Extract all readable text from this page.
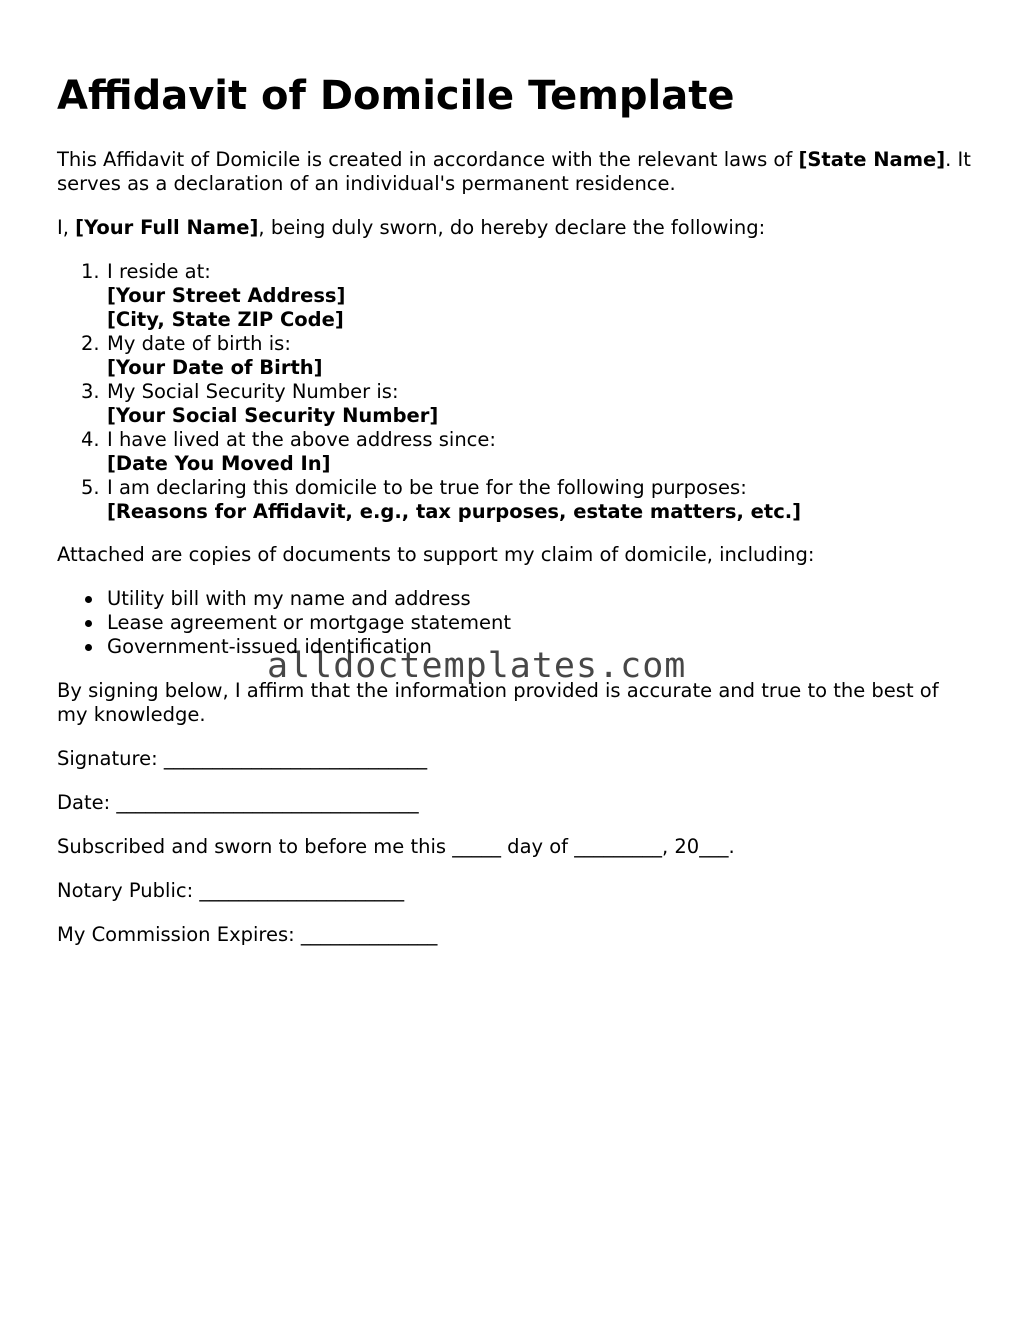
Affidavit of Domicile Template

This Affidavit of Domicile is created in accordance with the relevant laws of [State Name]. It serves as a declaration of an individual's permanent residence.

I, [Your Full Name], being duly sworn, do hereby declare the following:

1. I reside at:
[Your Street Address]
[City, State ZIP Code]
2. My date of birth is:
[Your Date of Birth]
3. My Social Security Number is:
[Your Social Security Number]
4. I have lived at the above address since:
[Date You Moved In]
5. I am declaring this domicile to be true for the following purposes:
[Reasons for Affidavit, e.g., tax purposes, estate matters, etc.]

Attached are copies of documents to support my claim of domicile, including:

Utility bill with my name and address
Lease agreement or mortgage statement
Government-issued identification

By signing below, I affirm that the information provided is accurate and true to the best of my knowledge.

Signature: ___________________________

Date: _______________________________

Subscribed and sworn to before me this _____ day of _________, 20___.

Notary Public: _____________________

My Commission Expires: ______________

alldoctemplates.com
